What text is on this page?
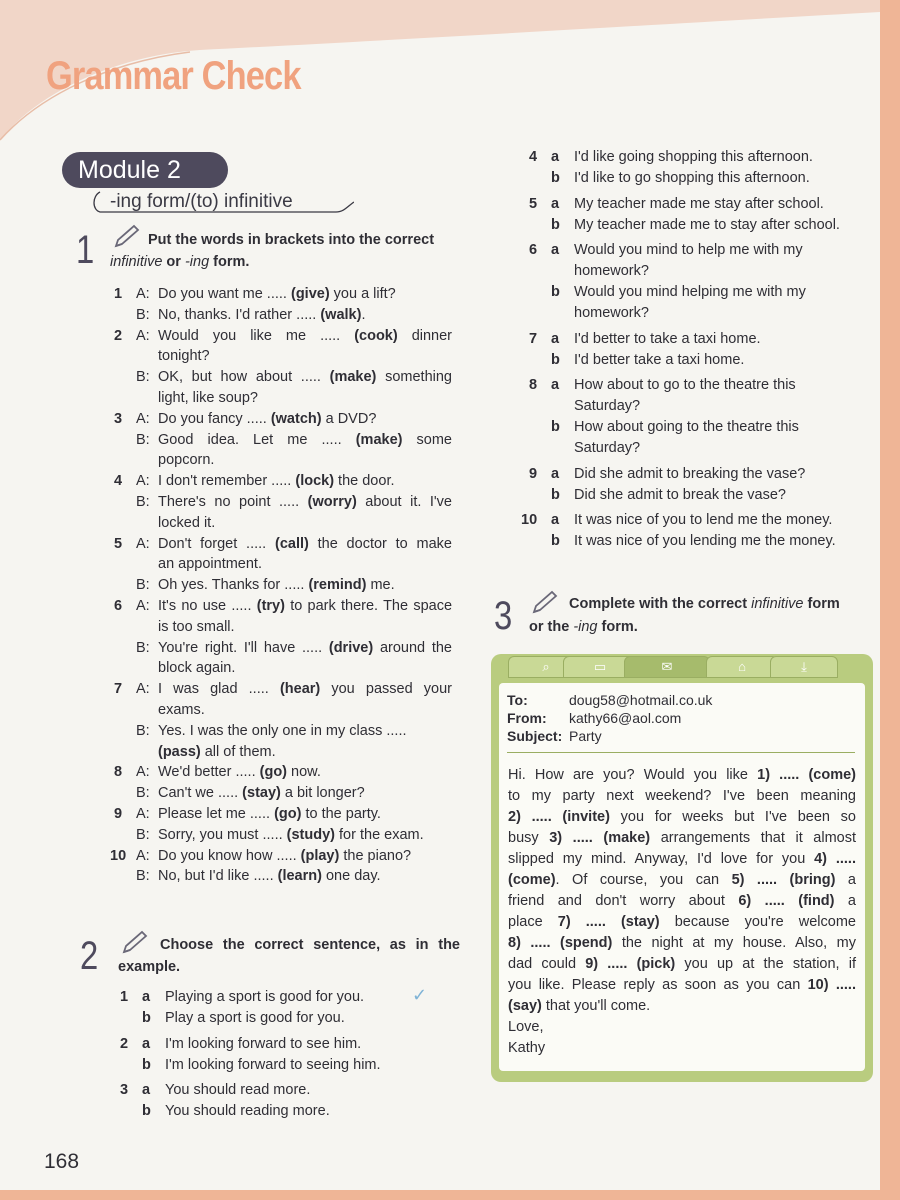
Grammar Check
Module 2
-ing form/(to) infinitive
1	Put the words in brackets into the correct
infinitive or -ing form.
1 A: Do you want me ..... (give) you a lift?
B: No, thanks. I'd rather ..... (walk).
2 A: Would you like me ..... (cook) dinner
tonight?
B: OK, but how about ..... (make) something
light, like soup?
3 A: Do you fancy ..... (watch) a DVD?
B: Good idea. Let me ..... (make) some
popcorn.
4 A: I don't remember ..... (lock) the door.
B: There's no point ..... (worry) about it. I've
locked it.
5 A: Don't forget ..... (call) the doctor to make
an appointment.
B: Oh yes. Thanks for ..... (remind) me.
6 A: It's no use ..... (try) to park there. The space
is too small.
B: You're right. I'll have ..... (drive) around the
block again.
7 A: I was glad ..... (hear) you passed your
exams.
B: Yes. I was the only one in my class .....
(pass) all of them.
8 A: We'd better ..... (go) now.
B: Can't we ..... (stay) a bit longer?
9 A: Please let me ..... (go) to the party.
B: Sorry, you must ..... (study) for the exam.
10 A: Do you know how ..... (play) the piano?
B: No, but I'd like ..... (learn) one day.
2	Choose the correct sentence, as in the
example.
1 a Playing a sport is good for you.
b Play a sport is good for you.
2 a I'm looking forward to see him.
b I'm looking forward to seeing him.
3 a You should read more.
b You should reading more.
4 a I'd like going shopping this afternoon.
b I'd like to go shopping this afternoon.
5 a My teacher made me stay after school.
b My teacher made me to stay after school.
6 a Would you mind to help me with my
homework?
b Would you mind helping me with my
homework?
7 a I'd better to take a taxi home.
b I'd better take a taxi home.
8 a How about to go to the theatre this
Saturday?
b How about going to the theatre this
Saturday?
9 a Did she admit to breaking the vase?
b Did she admit to break the vase?
10 a It was nice of you to lend me the money.
b It was nice of you lending me the money.
✓
3	Complete with the correct infinitive form
or the -ing form.
⌕	▭	✉	⌂	⤓
To:	doug58@hotmail.co.uk
From: kathy66@aol.com
Subject: Party
Hi. How are you? Would you like 1) ..... (come)
to my party next weekend? I've been meaning
2) ..... (invite) you for weeks but I've been so
busy 3) ..... (make) arrangements that it almost
slipped my mind. Anyway, I'd love for you 4) .....
(come). Of course, you can 5) ..... (bring) a
friend and don't worry about 6) ..... (find) a
place 7) ..... (stay) because you're welcome
8) ..... (spend) the night at my house. Also, my
dad could 9) ..... (pick) you up at the station, if
you like. Please reply as soon as you can 10) .....
(say) that you'll come.
Love,
Kathy
168
